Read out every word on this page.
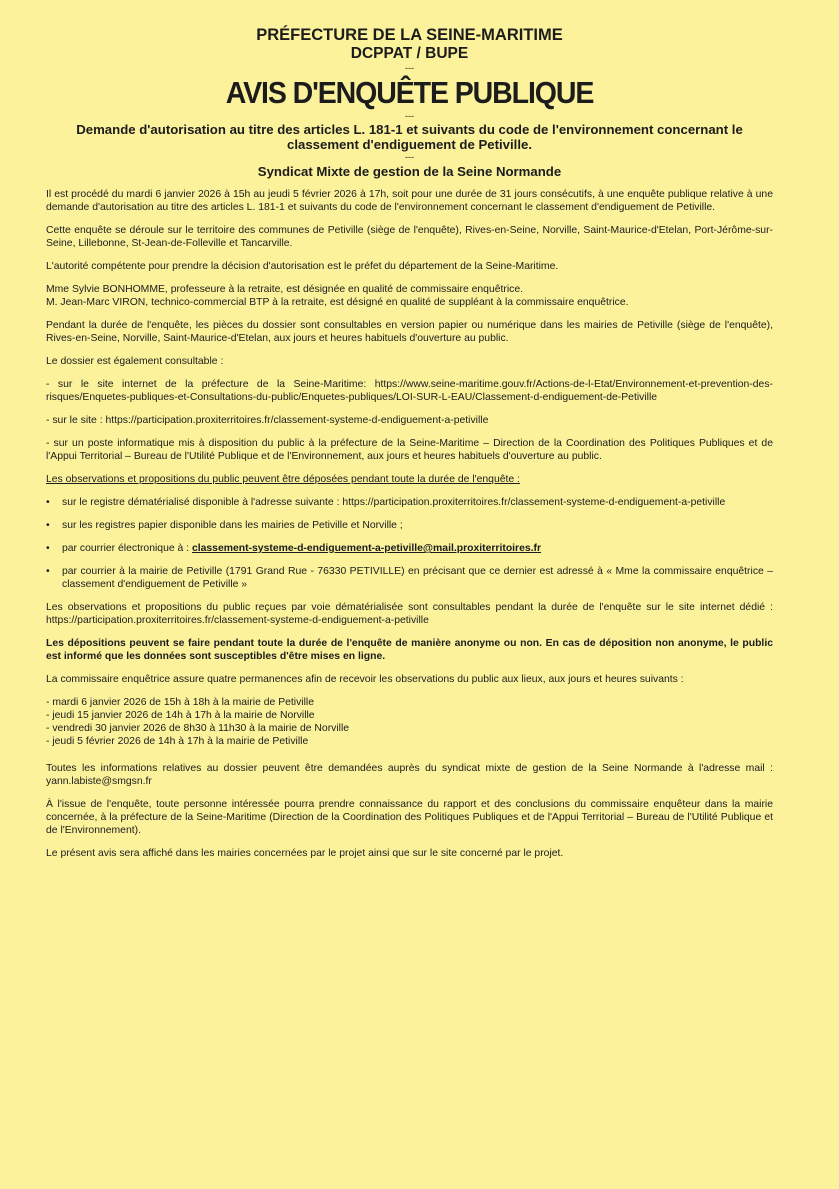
PRÉFECTURE DE LA SEINE-MARITIME
DCPPAT / BUPE
---
AVIS D'ENQUÊTE PUBLIQUE
---
Demande d'autorisation au titre des articles L. 181-1 et suivants du code de l'environnement concernant le classement d'endiguement de Petiville.
---
Syndicat Mixte de gestion de la Seine Normande

Il est procédé du mardi 6 janvier 2026 à 15h au jeudi 5 février 2026 à 17h, soit pour une durée de 31 jours consécutifs, à une enquête publique relative à une demande d'autorisation au titre des articles L. 181-1 et suivants du code de l'environnement concernant le classement d'endiguement de Petiville.

Cette enquête se déroule sur le territoire des communes de Petiville (siège de l'enquête), Rives-en-Seine, Norville, Saint-Maurice-d'Etelan, Port-Jérôme-sur-Seine, Lillebonne, St-Jean-de-Folleville et Tancarville.

L'autorité compétente pour prendre la décision d'autorisation est le préfet du département de la Seine-Maritime.

Mme Sylvie BONHOMME, professeure à la retraite, est désignée en qualité de commissaire enquêtrice.

M. Jean-Marc VIRON, technico-commercial BTP à la retraite, est désigné en qualité de suppléant à la commissaire enquêtrice.

Pendant la durée de l'enquête, les pièces du dossier sont consultables en version papier ou numérique dans les mairies de Petiville (siège de l'enquête), Rives-en-Seine, Norville, Saint-Maurice-d'Etelan, aux jours et heures habituels d'ouverture au public.

Le dossier est également consultable :

- sur le site internet de la préfecture de la Seine-Maritime: https://www.seine-maritime.gouv.fr/Actions-de-l-Etat/Environnement-et-prevention-des-risques/Enquetes-publiques-et-Consultations-du-public/Enquetes-publiques/LOI-SUR-L-EAU/Classement-d-endiguement-de-Petiville

- sur le site : https://participation.proxiterritoires.fr/classement-systeme-d-endiguement-a-petiville

- sur un poste informatique mis à disposition du public à la préfecture de la Seine-Maritime – Direction de la Coordination des Politiques Publiques et de l'Appui Territorial – Bureau de l'Utilité Publique et de l'Environnement, aux jours et heures habituels d'ouverture au public.

Les observations et propositions du public peuvent être déposées pendant toute la durée de l'enquête :

• sur le registre dématérialisé disponible à l'adresse suivante : https://participation.proxiterritoires.fr/classement-systeme-d-endiguement-a-petiville
• sur les registres papier disponible dans les mairies de Petiville et Norville ;
• par courrier électronique à : classement-systeme-d-endiguement-a-petiville@mail.proxiterritoires.fr
• par courrier à la mairie de Petiville (1791 Grand Rue - 76330 PETIVILLE) en précisant que ce dernier est adressé à « Mme la commissaire enquêtrice – classement d'endiguement de Petiville »

Les observations et propositions du public reçues par voie dématérialisée sont consultables pendant la durée de l'enquête sur le site internet dédié : https://participation.proxiterritoires.fr/classement-systeme-d-endiguement-a-petiville

Les dépositions peuvent se faire pendant toute la durée de l'enquête de manière anonyme ou non. En cas de déposition non anonyme, le public est informé que les données sont susceptibles d'être mises en ligne.

La commissaire enquêtrice assure quatre permanences afin de recevoir les observations du public aux lieux, aux jours et heures suivants :

- mardi 6 janvier 2026 de 15h à 18h à la mairie de Petiville

- jeudi 15 janvier 2026 de 14h à 17h à la mairie de Norville

- vendredi 30 janvier 2026 de 8h30 à 11h30 à la mairie de Norville

- jeudi 5 février 2026 de 14h à 17h à la mairie de Petiville

Toutes les informations relatives au dossier peuvent être demandées auprès du syndicat mixte de gestion de la Seine Normande à l'adresse mail : yann.labiste@smgsn.fr

À l'issue de l'enquête, toute personne intéressée pourra prendre connaissance du rapport et des conclusions du commissaire enquêteur dans la mairie concernée, à la préfecture de la Seine-Maritime (Direction de la Coordination des Politiques Publiques et de l'Appui Territorial – Bureau de l'Utilité Publique et de l'Environnement).

Le présent avis sera affiché dans les mairies concernées par le projet ainsi que sur le site concerné par le projet.
